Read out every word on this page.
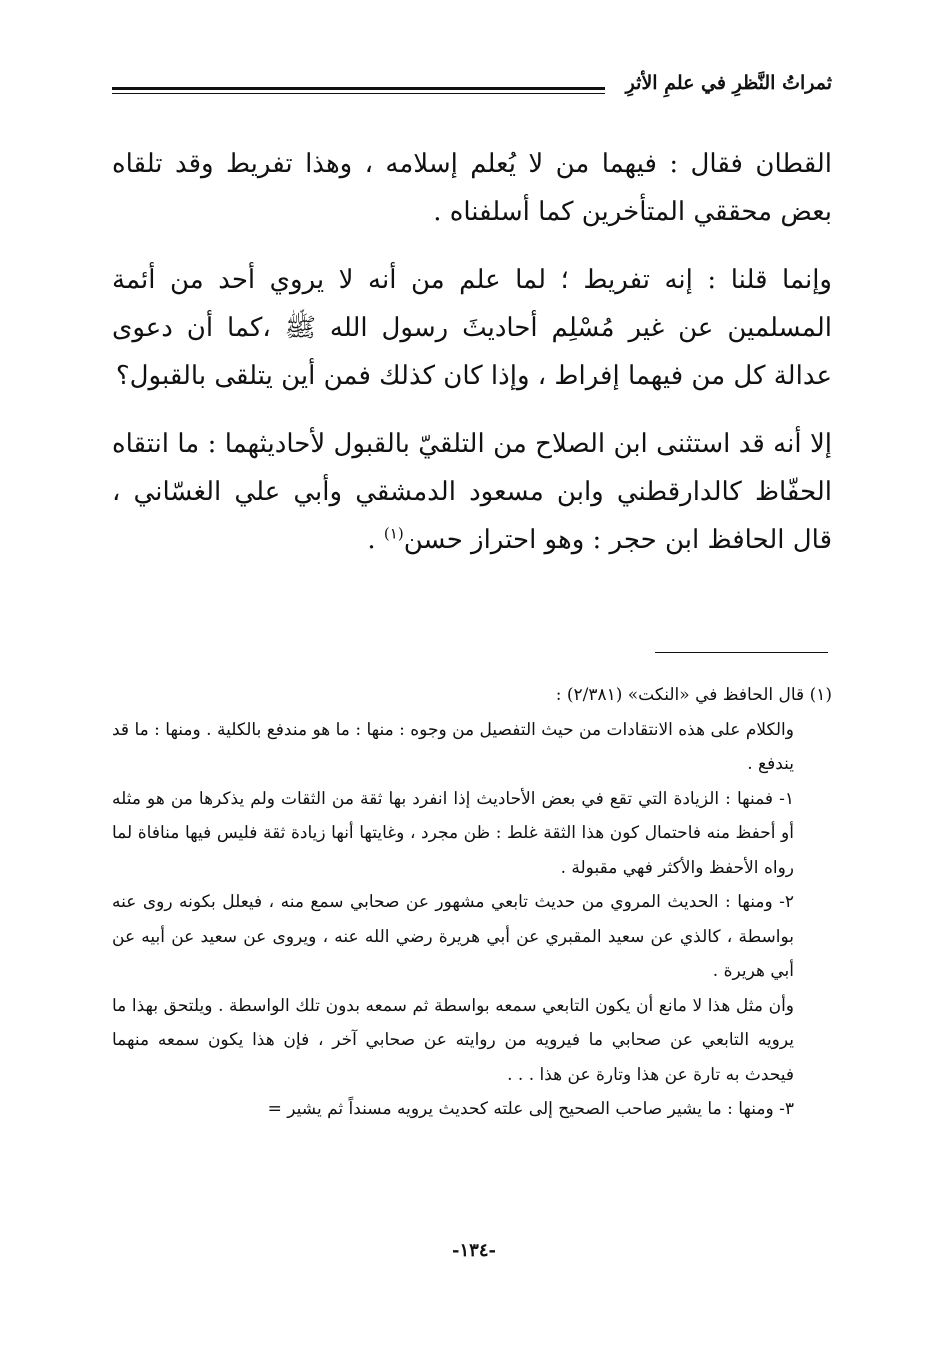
ثمراتُ النَّظرِ في علمِ الأثرِ

القطان فقال : فيهما من لا يُعلم إسلامه ، وهذا تفريط وقد تلقاه بعض محققي المتأخرين كما أسلفناه .

وإنما قلنا : إنه تفريط ؛ لما علم من أنه لا يروي أحد من أئمة المسلمين عن غير مُسْلِم أحاديثَ رسول الله ﷺ ،كما أن دعوى عدالة كل من فيهما إفراط ، وإذا كان كذلك فمن أين يتلقى بالقبول؟

إلا أنه قد استثنى ابن الصلاح من التلقيّ بالقبول لأحاديثهما : ما انتقاه الحفّاظ كالدارقطني وابن مسعود الدمشقي وأبي علي الغسّاني ، قال الحافظ ابن حجر : وهو احتراز حسن$^{(١)}$ .

(١) قال الحافظ في «النكت» (٢/٣٨١) :

والكلام على هذه الانتقادات من حيث التفصيل من وجوه : منها : ما هو مندفع بالكلية . ومنها : ما قد يندفع .

١- فمنها : الزيادة التي تقع في بعض الأحاديث إذا انفرد بها ثقة من الثقات ولم يذكرها من هو مثله أو أحفظ منه فاحتمال كون هذا الثقة غلط : ظن مجرد ، وغايتها أنها زيادة ثقة فليس فيها منافاة لما رواه الأحفظ والأكثر فهي مقبولة .

٢- ومنها : الحديث المروي من حديث تابعي مشهور عن صحابي سمع منه ، فيعلل بكونه روى عنه بواسطة ، كالذي عن سعيد المقبري عن أبي هريرة رضي الله عنه ، ويروى عن سعيد عن أبيه عن أبي هريرة .

وأن مثل هذا لا مانع أن يكون التابعي سمعه بواسطة ثم سمعه بدون تلك الواسطة . ويلتحق بهذا ما يرويه التابعي عن صحابي ما فيرويه من روايته عن صحابي آخر ، فإن هذا يكون سمعه منهما فيحدث به تارة عن هذا وتارة عن هذا . . .

٣- ومنها : ما يشير صاحب الصحيح إلى علته كحديث يرويه مسنداً ثم يشير =

-١٣٤-
